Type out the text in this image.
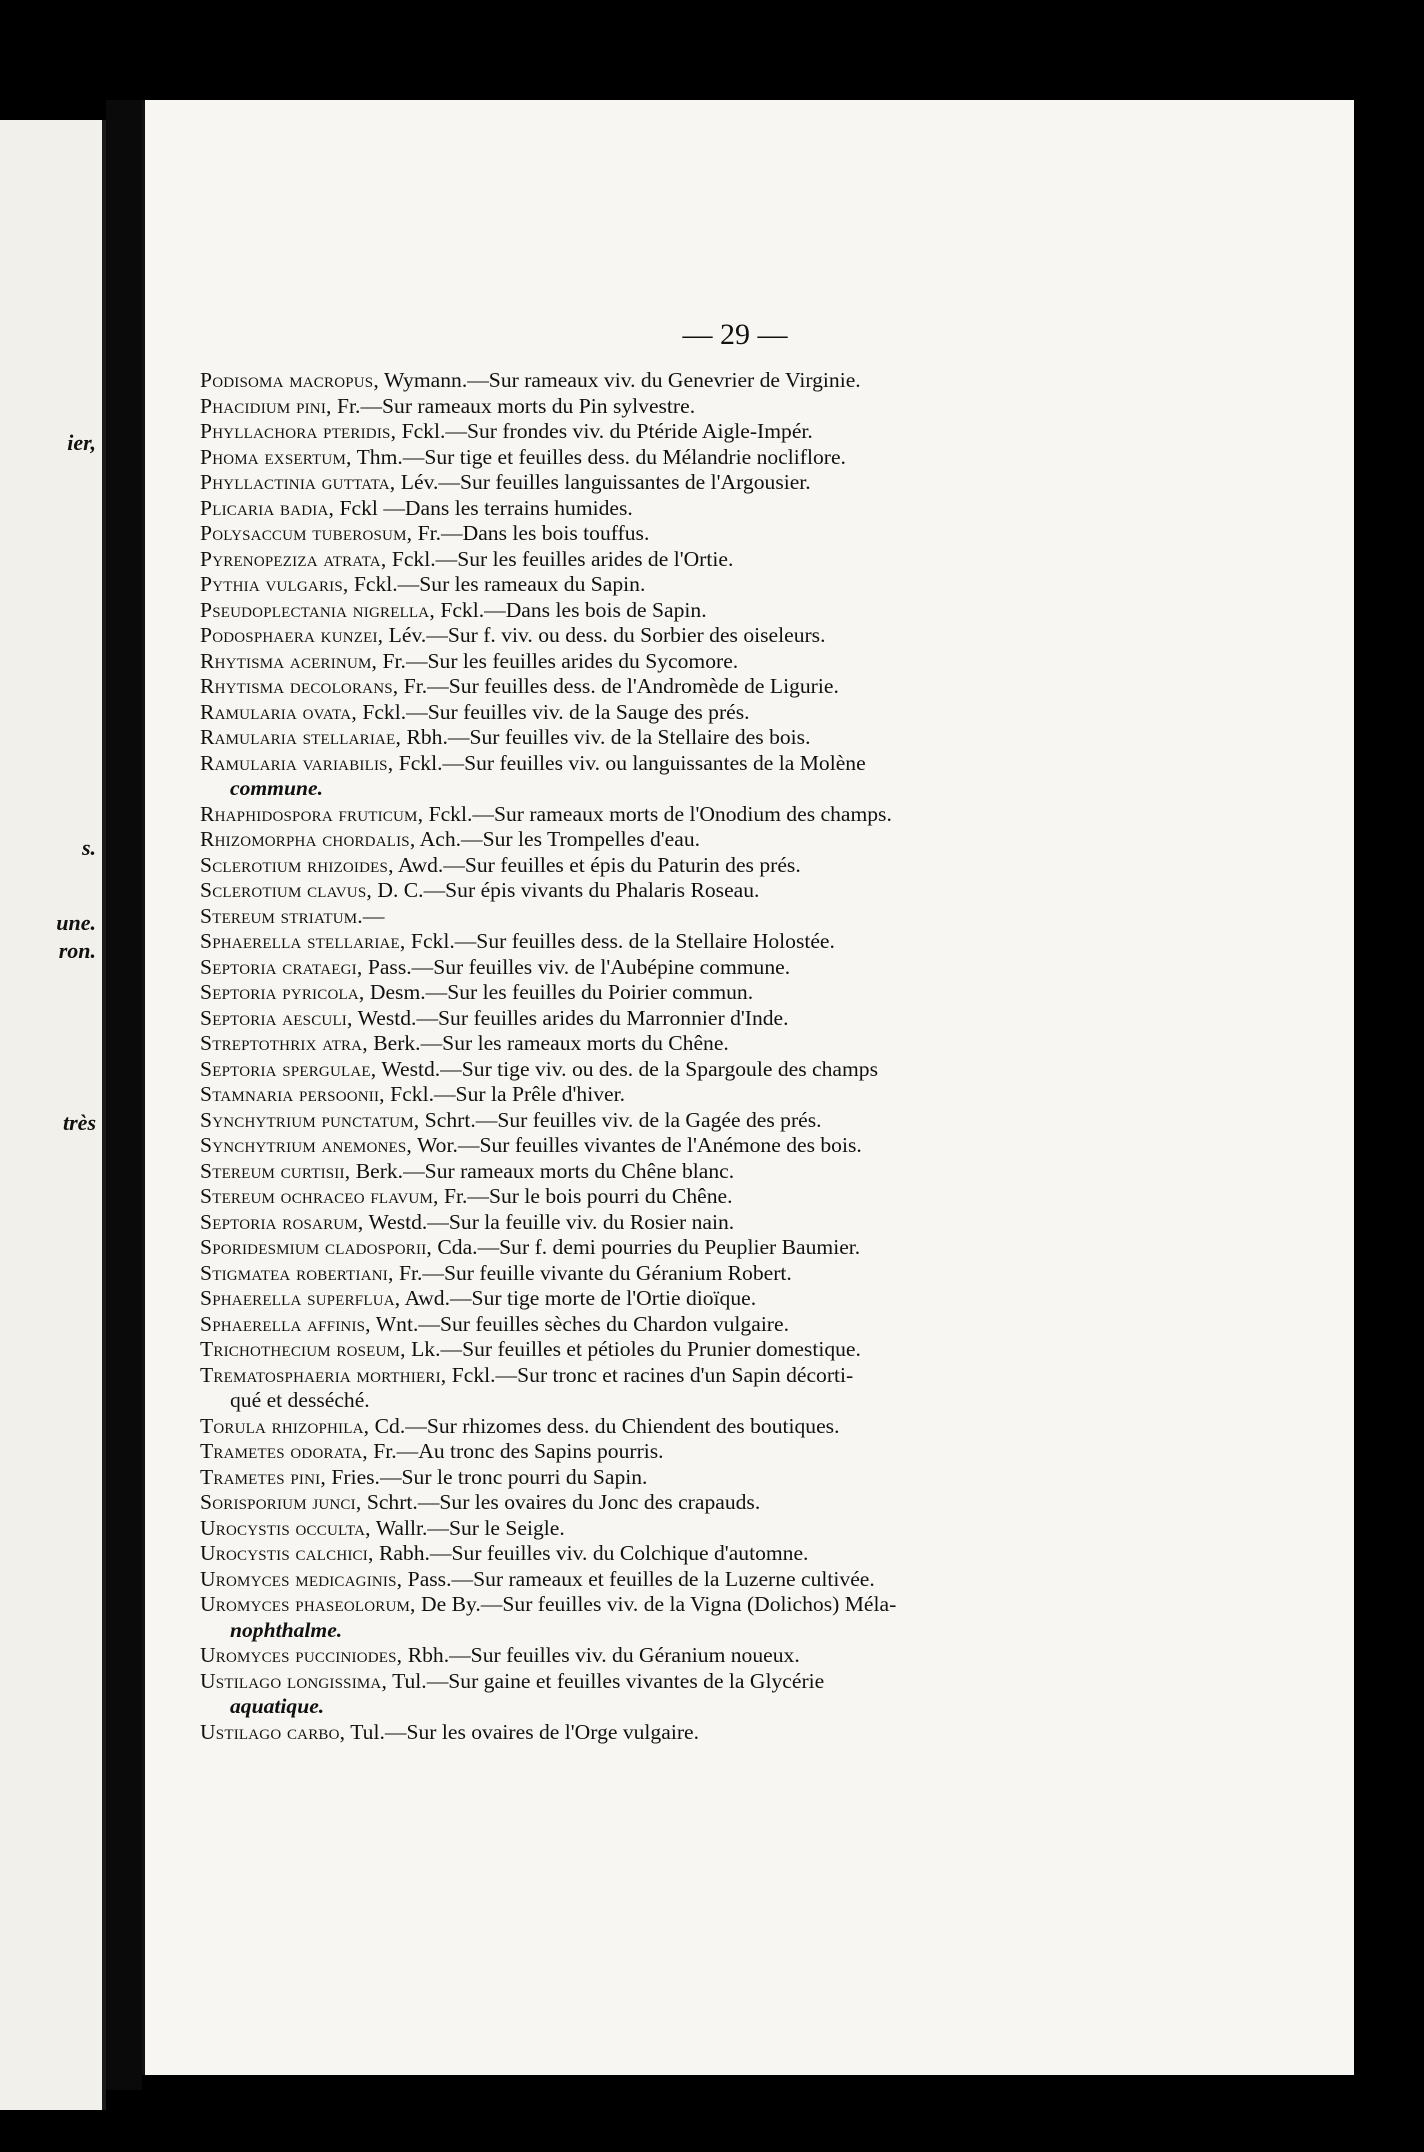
ier,
s.
une.
ron.
très
— 29 —

Podisoma macropus, Wymann.—Sur rameaux viv. du Genevrier de Virginie.

Phacidium pini, Fr.—Sur rameaux morts du Pin sylvestre.

Phyllachora pteridis, Fckl.—Sur frondes viv. du Ptéride Aigle-Impér.

Phoma exsertum, Thm.—Sur tige et feuilles dess. du Mélandrie nocliflore.

Phyllactinia guttata, Lév.—Sur feuilles languissantes de l'Argousier.

Plicaria badia, Fckl —Dans les terrains humides.

Polysaccum tuberosum, Fr.—Dans les bois touffus.

Pyrenopeziza atrata, Fckl.—Sur les feuilles arides de l'Ortie.

Pythia vulgaris, Fckl.—Sur les rameaux du Sapin.

Pseudoplectania nigrella, Fckl.—Dans les bois de Sapin.

Podosphaera kunzei, Lév.—Sur f. viv. ou dess. du Sorbier des oiseleurs.

Rhytisma acerinum, Fr.—Sur les feuilles arides du Sycomore.

Rhytisma decolorans, Fr.—Sur feuilles dess. de l'Andromède de Ligurie.

Ramularia ovata, Fckl.—Sur feuilles viv. de la Sauge des prés.

Ramularia stellariae, Rbh.—Sur feuilles viv. de la Stellaire des bois.

Ramularia variabilis, Fckl.—Sur feuilles viv. ou languissantes de la Molène
commune.

Rhaphidospora fruticum, Fckl.—Sur rameaux morts de l'Onodium des champs.

Rhizomorpha chordalis, Ach.—Sur les Trompelles d'eau.

Sclerotium rhizoides, Awd.—Sur feuilles et épis du Paturin des prés.

Sclerotium clavus, D. C.—Sur épis vivants du Phalaris Roseau.

Stereum striatum.—

Sphaerella stellariae, Fckl.—Sur feuilles dess. de la Stellaire Holostée.

Septoria crataegi, Pass.—Sur feuilles viv. de l'Aubépine commune.

Septoria pyricola, Desm.—Sur les feuilles du Poirier commun.

Septoria aesculi, Westd.—Sur feuilles arides du Marronnier d'Inde.

Streptothrix atra, Berk.—Sur les rameaux morts du Chêne.

Septoria spergulae, Westd.—Sur tige viv. ou des. de la Spargoule des champs

Stamnaria persoonii, Fckl.—Sur la Prêle d'hiver.

Synchytrium punctatum, Schrt.—Sur feuilles viv. de la Gagée des prés.

Synchytrium anemones, Wor.—Sur feuilles vivantes de l'Anémone des bois.

Stereum curtisii, Berk.—Sur rameaux morts du Chêne blanc.

Stereum ochraceo flavum, Fr.—Sur le bois pourri du Chêne.

Septoria rosarum, Westd.—Sur la feuille viv. du Rosier nain.

Sporidesmium cladosporii, Cda.—Sur f. demi pourries du Peuplier Baumier.

Stigmatea robertiani, Fr.—Sur feuille vivante du Géranium Robert.

Sphaerella superflua, Awd.—Sur tige morte de l'Ortie dioïque.

Sphaerella affinis, Wnt.—Sur feuilles sèches du Chardon vulgaire.

Trichothecium roseum, Lk.—Sur feuilles et pétioles du Prunier domestique.

Trematosphaeria morthieri, Fckl.—Sur tronc et racines d'un Sapin décorti-
qué et desséché.

Torula rhizophila, Cd.—Sur rhizomes dess. du Chiendent des boutiques.

Trametes odorata, Fr.—Au tronc des Sapins pourris.

Trametes pini, Fries.—Sur le tronc pourri du Sapin.

Sorisporium junci, Schrt.—Sur les ovaires du Jonc des crapauds.

Urocystis occulta, Wallr.—Sur le Seigle.

Urocystis calchici, Rabh.—Sur feuilles viv. du Colchique d'automne.

Uromyces medicaginis, Pass.—Sur rameaux et feuilles de la Luzerne cultivée.

Uromyces phaseolorum, De By.—Sur feuilles viv. de la Vigna (Dolichos) Méla-
nophthalme.

Uromyces pucciniodes, Rbh.—Sur feuilles viv. du Géranium noueux.

Ustilago longissima, Tul.—Sur gaine et feuilles vivantes de la Glycérie
aquatique.

Ustilago carbo, Tul.—Sur les ovaires de l'Orge vulgaire.
